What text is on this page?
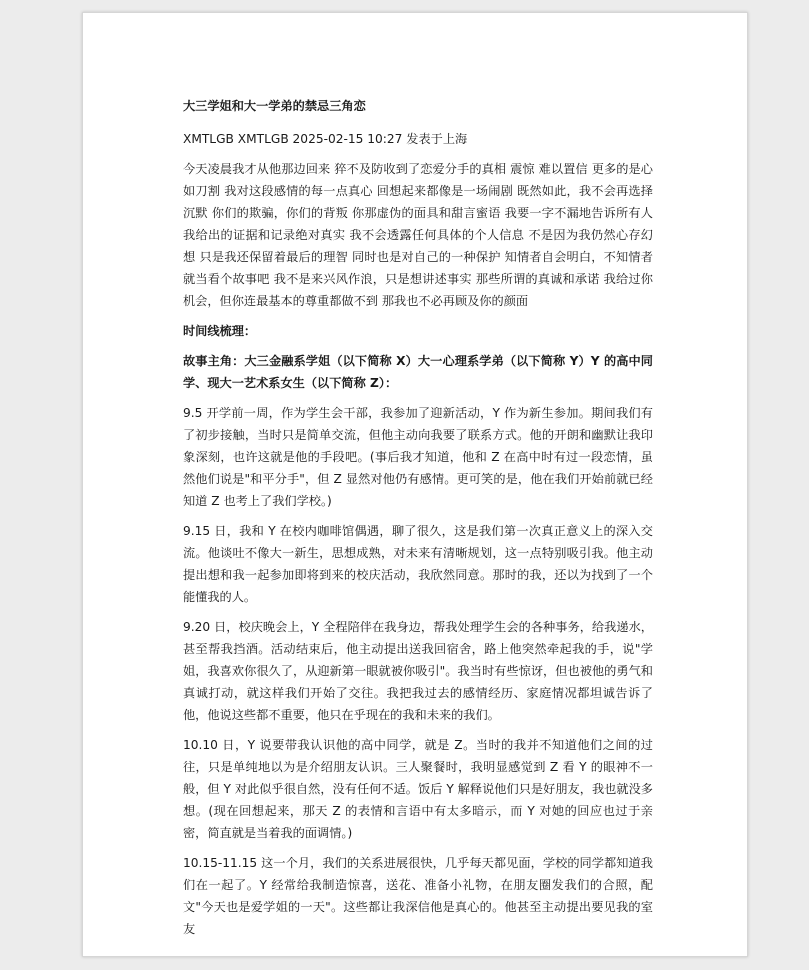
大三学姐和大一学弟的禁忌三角恋
XMTLGB XMTLGB 2025-02-15 10:27 发表于上海
今天凌晨我才从他那边回来 猝不及防收到了恋爱分手的真相 震惊 难以置信 更多的是心如刀割 我对这段感情的每一点真心 回想起来都像是一场闹剧 既然如此，我不会再选择沉默 你们的欺骗，你们的背叛 你那虚伪的面具和甜言蜜语 我要一字不漏地告诉所有人 我给出的证据和记录绝对真实 我不会透露任何具体的个人信息 不是因为我仍然心存幻想 只是我还保留着最后的理智 同时也是对自己的一种保护 知情者自会明白，不知情者就当看个故事吧 我不是来兴风作浪，只是想讲述事实 那些所谓的真诚和承诺 我给过你机会，但你连最基本的尊重都做不到 那我也不必再顾及你的颜面
时间线梳理：
故事主角：大三金融系学姐（以下简称 X）大一心理系学弟（以下简称 Y）Y 的高中同学、现大一艺术系女生（以下简称 Z）：
9.5 开学前一周，作为学生会干部，我参加了迎新活动，Y 作为新生参加。期间我们有了初步接触，当时只是简单交流，但他主动向我要了联系方式。他的开朗和幽默让我印象深刻，也许这就是他的手段吧。(事后我才知道，他和 Z 在高中时有过一段恋情，虽然他们说是"和平分手"，但 Z 显然对他仍有感情。更可笑的是，他在我们开始前就已经知道 Z 也考上了我们学校。)
9.15 日，我和 Y 在校内咖啡馆偶遇，聊了很久，这是我们第一次真正意义上的深入交流。他谈吐不像大一新生，思想成熟，对未来有清晰规划，这一点特别吸引我。他主动提出想和我一起参加即将到来的校庆活动，我欣然同意。那时的我，还以为找到了一个能懂我的人。
9.20 日，校庆晚会上，Y 全程陪伴在我身边，帮我处理学生会的各种事务，给我递水，甚至帮我挡酒。活动结束后，他主动提出送我回宿舍，路上他突然牵起我的手，说"学姐，我喜欢你很久了，从迎新第一眼就被你吸引"。我当时有些惊讶，但也被他的勇气和真诚打动，就这样我们开始了交往。我把我过去的感情经历、家庭情况都坦诚告诉了他，他说这些都不重要，他只在乎现在的我和未来的我们。
10.10 日，Y 说要带我认识他的高中同学，就是 Z。当时的我并不知道他们之间的过往，只是单纯地以为是介绍朋友认识。三人聚餐时，我明显感觉到 Z 看 Y 的眼神不一般，但 Y 对此似乎很自然，没有任何不适。饭后 Y 解释说他们只是好朋友，我也就没多想。(现在回想起来，那天 Z 的表情和言语中有太多暗示，而 Y 对她的回应也过于亲密，简直就是当着我的面调情。)
10.15-11.15 这一个月，我们的关系进展很快，几乎每天都见面，学校的同学都知道我们在一起了。Y 经常给我制造惊喜，送花、准备小礼物，在朋友圈发我们的合照，配文"今天也是爱学姐的一天"。这些都让我深信他是真心的。他甚至主动提出要见我的室友
